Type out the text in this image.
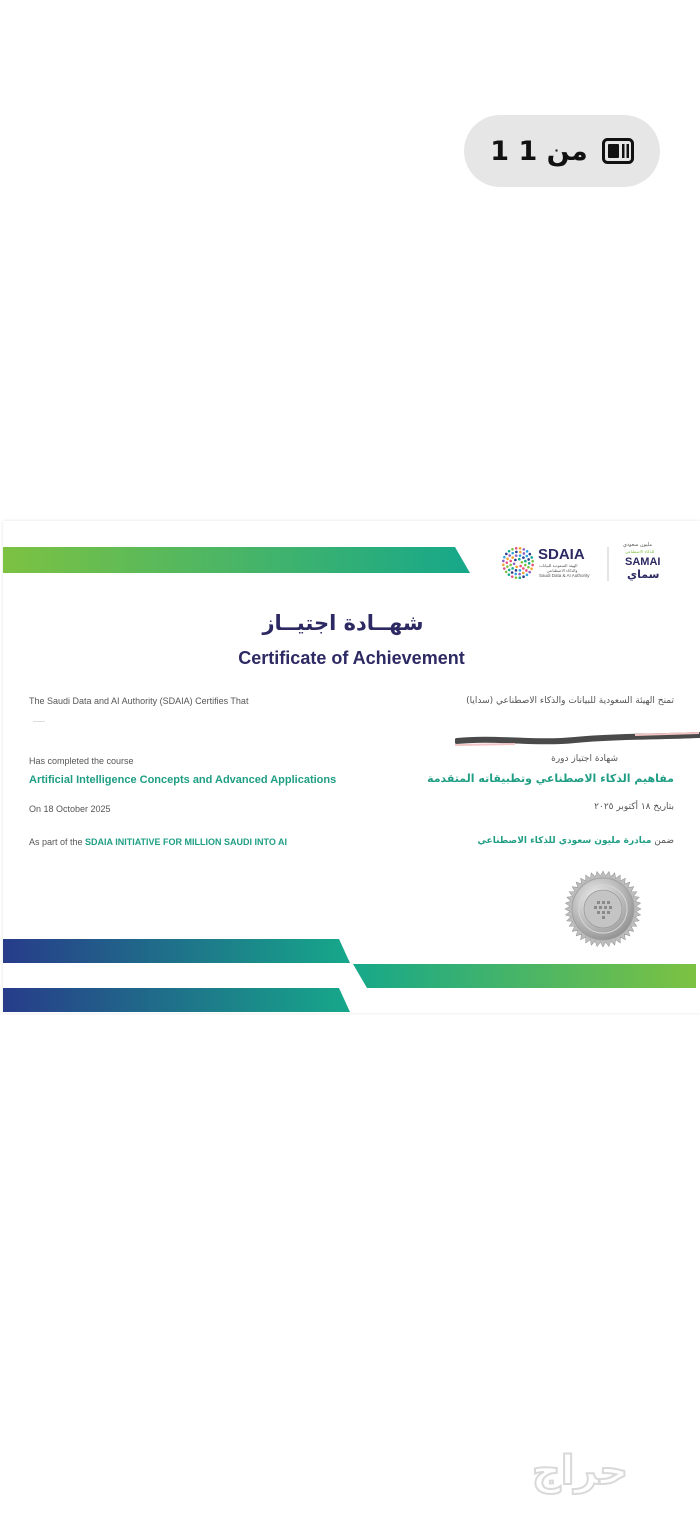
1 من 1
SDAIA
الهيئة السعودية للبيانات
والذكاء الاصطناعي
Saudi Data & AI Authority
مليون سعودي
للذكاء الاصطناعي
SAMAI
سماي
شهــادة اجتيــاز
Certificate of Achievement
The Saudi Data and AI Authority (SDAIA) Certifies That	تمنح الهيئة السعودية للبيانات والذكاء الاصطناعي (سدايا)
Has completed the course	شهادة اجتياز دورة
Artificial Intelligence Concepts and Advanced Applications	مفاهيم الذكاء الاصطناعي وتطبيقاته المتقدمة
On 18 October 2025	بتاريخ ١٨ أكتوبر ٢٠٢٥
As part of the SDAIA INITIATIVE FOR MILLION SAUDI INTO AI	ضمن مبادرة مليون سعودي للذكاء الاصطناعي
حراج
